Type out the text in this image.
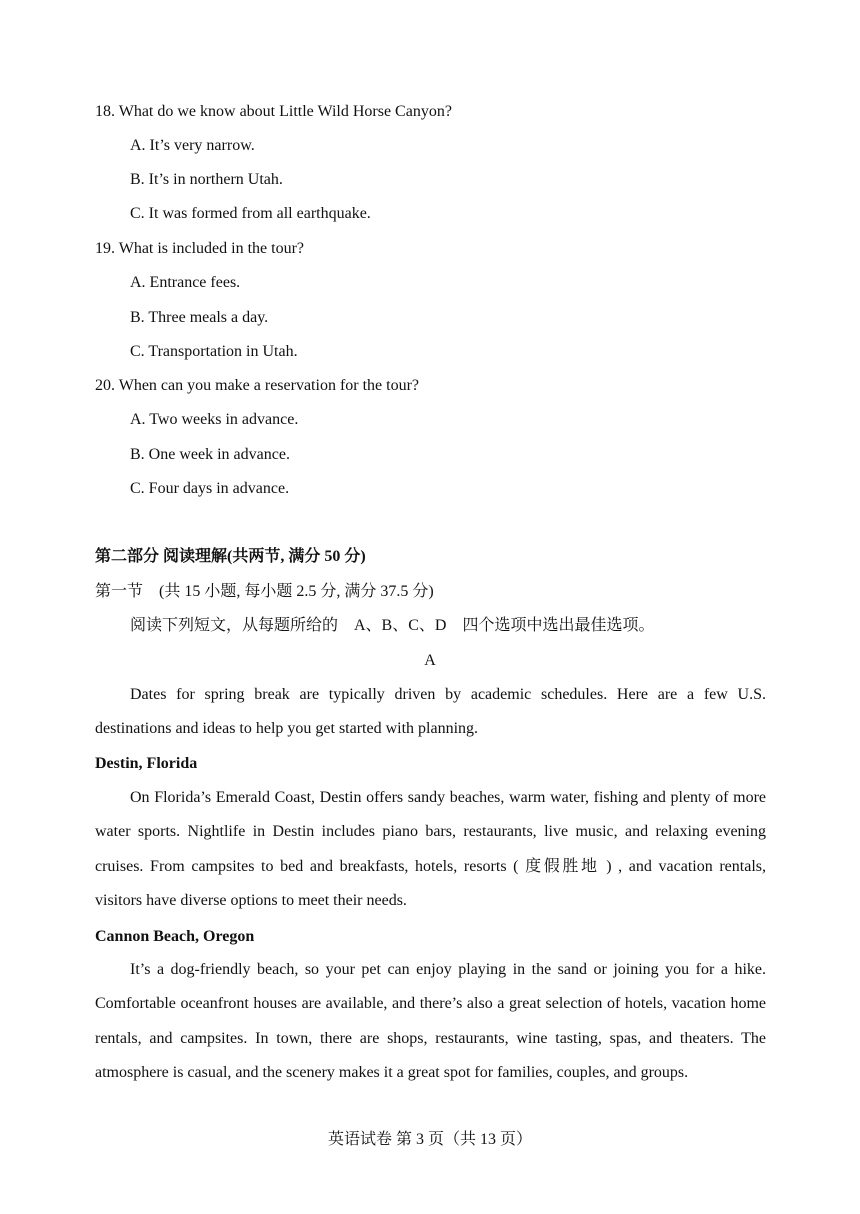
18. What do we know about Little Wild Horse Canyon?
A. It’s very narrow.
B. It’s in northern Utah.
C. It was formed from all earthquake.
19. What is included in the tour?
A. Entrance fees.
B. Three meals a day.
C. Transportation in Utah.
20. When can you make a reservation for the tour?
A. Two weeks in advance.
B. One week in advance.
C. Four days in advance.
第二部分 阅读理解(共两节, 满分 50 分)
第一节　(共 15 小题, 每小题 2.5 分, 满分 37.5 分)
阅读下列短文，从每题所给的　A、B、C、D　四个选项中选出最佳选项。
A
Dates for spring break are typically driven by academic schedules. Here are a few U.S. destinations and ideas to help you get started with planning.
Destin, Florida
On Florida’s Emerald Coast, Destin offers sandy beaches, warm water, fishing and plenty of more water sports. Nightlife in Destin includes piano bars, restaurants, live music, and relaxing evening cruises. From campsites to bed and breakfasts, hotels, resorts ( 度假胜地 ) , and vacation rentals, visitors have diverse options to meet their needs.
Cannon Beach, Oregon
It’s a dog-friendly beach, so your pet can enjoy playing in the sand or joining you for a hike. Comfortable oceanfront houses are available, and there’s also a great selection of hotels, vacation home rentals, and campsites. In town, there are shops, restaurants, wine tasting, spas, and theaters. The atmosphere is casual, and the scenery makes it a great spot for families, couples, and groups.
英语试卷 第 3 页（共 13 页）
